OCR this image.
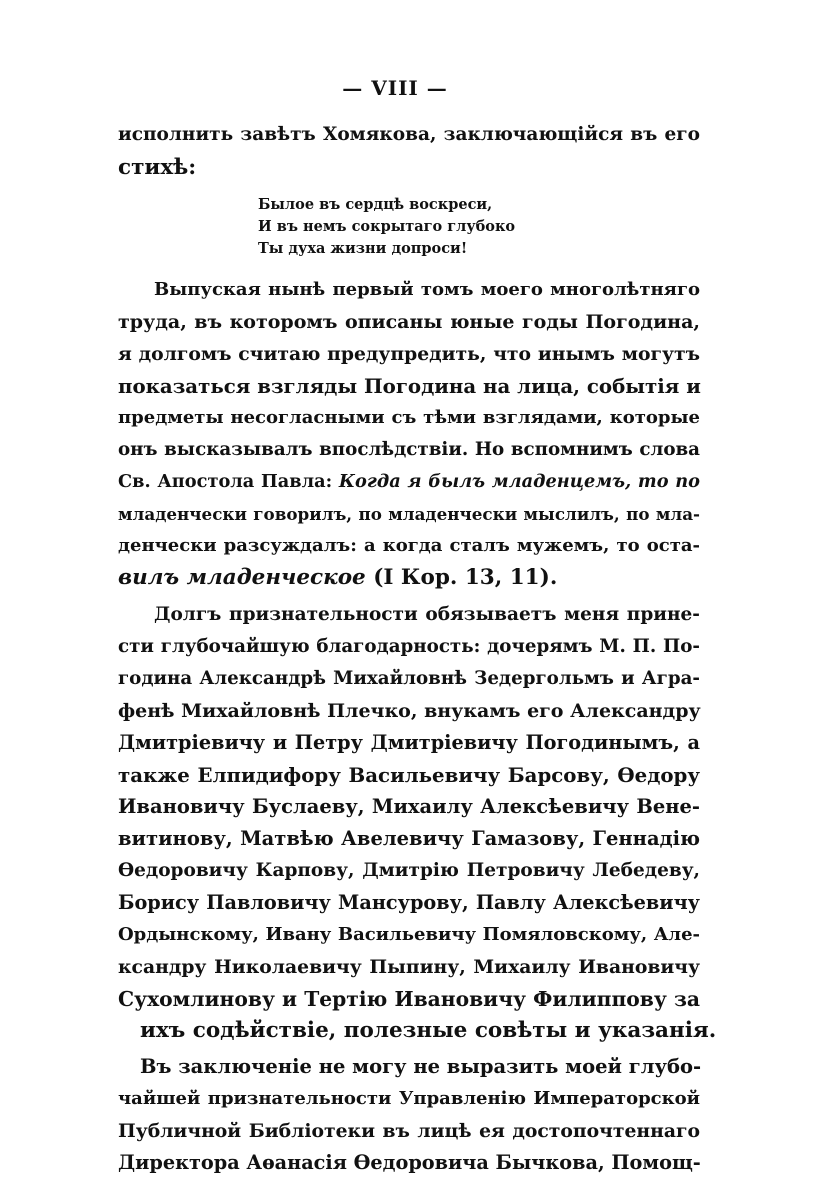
— VIII —
исполнить завѣтъ Хомякова, заключающійся въ его
стихѣ:
Былое въ сердцѣ воскреси,
И въ немъ сокрытаго глубоко
Ты духа жизни допроси!
Выпуская нынѣ первый томъ моего многолѣтняго
труда, въ которомъ описаны юные годы Погодина,
я долгомъ считаю предупредить, что инымъ могутъ
показаться взгляды Погодина на лица, событія и
предметы несогласными съ тѣми взглядами, которые
онъ высказывалъ впослѣдствіи. Но вспомнимъ слова
Св. Апостола Павла: Когда я былъ младенцемъ, то по
младенчески говорилъ, по младенчески мыслилъ, по мла-
денчески разсуждалъ: а когда сталъ мужемъ, то оста-
вилъ младенческое (I Кор. 13, 11).
Долгъ признательности обязываетъ меня прине-
сти глубочайшую благодарность: дочерямъ М. П. По-
година Александрѣ Михайловнѣ Зедергольмъ и Агра-
фенѣ Михайловнѣ Плечко, внукамъ его Александру
Дмитріевичу и Петру Дмитріевичу Погодинымъ, а
также Елпидифору Васильевичу Барсову, Ѳедору
Ивановичу Буслаеву, Михаилу Алексѣевичу Вене-
витинову, Матвѣю Авелевичу Гамазову, Геннадію
Ѳедоровичу Карпову, Дмитрію Петровичу Лебедеву,
Борису Павловичу Мансурову, Павлу Алексѣевичу
Ордынскому, Ивану Васильевичу Помяловскому, Але-
ксандру Николаевичу Пыпину, Михаилу Ивановичу
Сухомлинову и Тертію Ивановичу Филиппову за
ихъ содѣйствіе, полезные совѣты и указанія.
Въ заключеніе не могу не выразить моей глубо-
чайшей признательности Управленію Императорской
Публичной Библіотеки въ лицѣ ея достопочтеннаго
Директора Аѳанасія Ѳедоровича Бычкова, Помощ-
